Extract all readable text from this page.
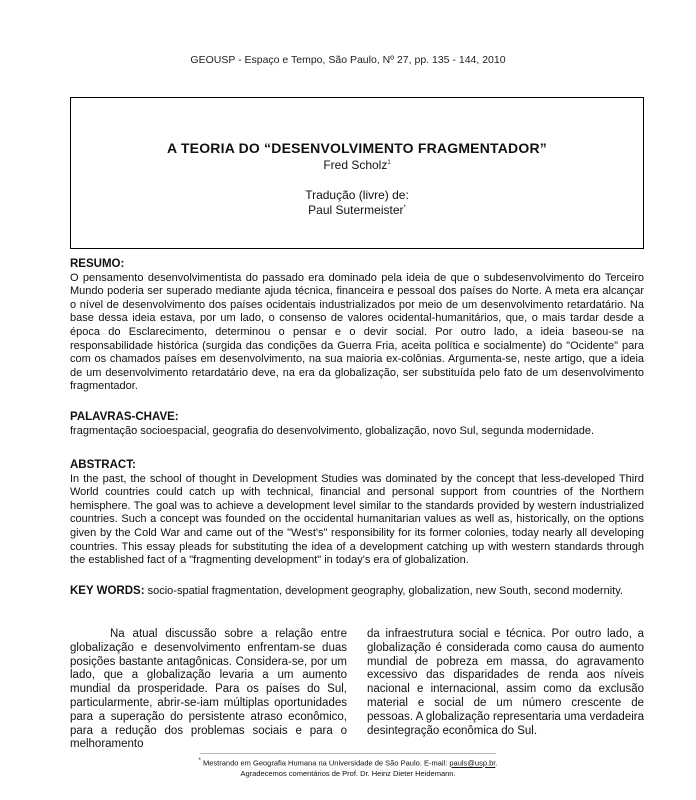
GEOUSP - Espaço e Tempo, São Paulo, Nº 27, pp. 135 - 144, 2010
A TEORIA DO “DESENVOLVIMENTO FRAGMENTADOR”
Fred Scholz$^1$
Tradução (livre) de:
Paul Sutermeister*
RESUMO:

O pensamento desenvolvimentista do passado era dominado pela ideia de que o subdesenvolvimento do Terceiro Mundo poderia ser superado mediante ajuda técnica, financeira e pessoal dos países do Norte. A meta era alcançar o nível de desenvolvimento dos países ocidentais industrializados por meio de um desenvolvimento retardatário. Na base dessa ideia estava, por um lado, o consenso de valores ocidental-humanitários, que, o mais tardar desde a época do Esclarecimento, determinou o pensar e o devir social. Por outro lado, a ideia baseou-se na responsabilidade histórica (surgida das condições da Guerra Fria, aceita política e socialmente) do "Ocidente" para com os chamados países em desenvolvimento, na sua maioria ex-colônias. Argumenta-se, neste artigo, que a ideia de um desenvolvimento retardatário deve, na era da globalização, ser substituída pelo fato de um desenvolvimento fragmentador.

PALAVRAS-CHAVE:

fragmentação socioespacial, geografia do desenvolvimento, globalização, novo Sul, segunda modernidade.

ABSTRACT:

In the past, the school of thought in Development Studies was dominated by the concept that less-developed Third World countries could catch up with technical, financial and personal support from countries of the Northern hemisphere. The goal was to achieve a development level similar to the standards provided by western industrialized countries. Such a concept was founded on the occidental humanitarian values as well as, historically, on the options given by the Cold War and came out of the "West's" responsibility for its former colonies, today nearly all developing countries. This essay pleads for substituting the idea of a development catching up with western standards through the established fact of a "fragmenting development" in today's era of globalization.

KEY WORDS: socio-spatial fragmentation, development geography, globalization, new South, second modernity.

Na atual discussão sobre a relação entre globalização e desenvolvimento enfrentam-se duas posições bastante antagônicas. Considera-se, por um lado, que a globalização levaria a um aumento mundial da prosperidade. Para os países do Sul, particularmente, abrir-se-iam múltiplas oportunidades para a superação do persistente atraso econômico, para a redução dos problemas sociais e para o melhoramento

da infraestrutura social e técnica. Por outro lado, a globalização é considerada como causa do aumento mundial de pobreza em massa, do agravamento excessivo das disparidades de renda aos níveis nacional e internacional, assim como da exclusão material e social de um número crescente de pessoas. A globalização representaria uma verdadeira desintegração econômica do Sul.

* Mestrando em Geografia Humana na Universidade de São Paulo. E-mail: pauls@usp.br.
Agradecemos comentários de Prof. Dr. Heinz Dieter Heidemann.
